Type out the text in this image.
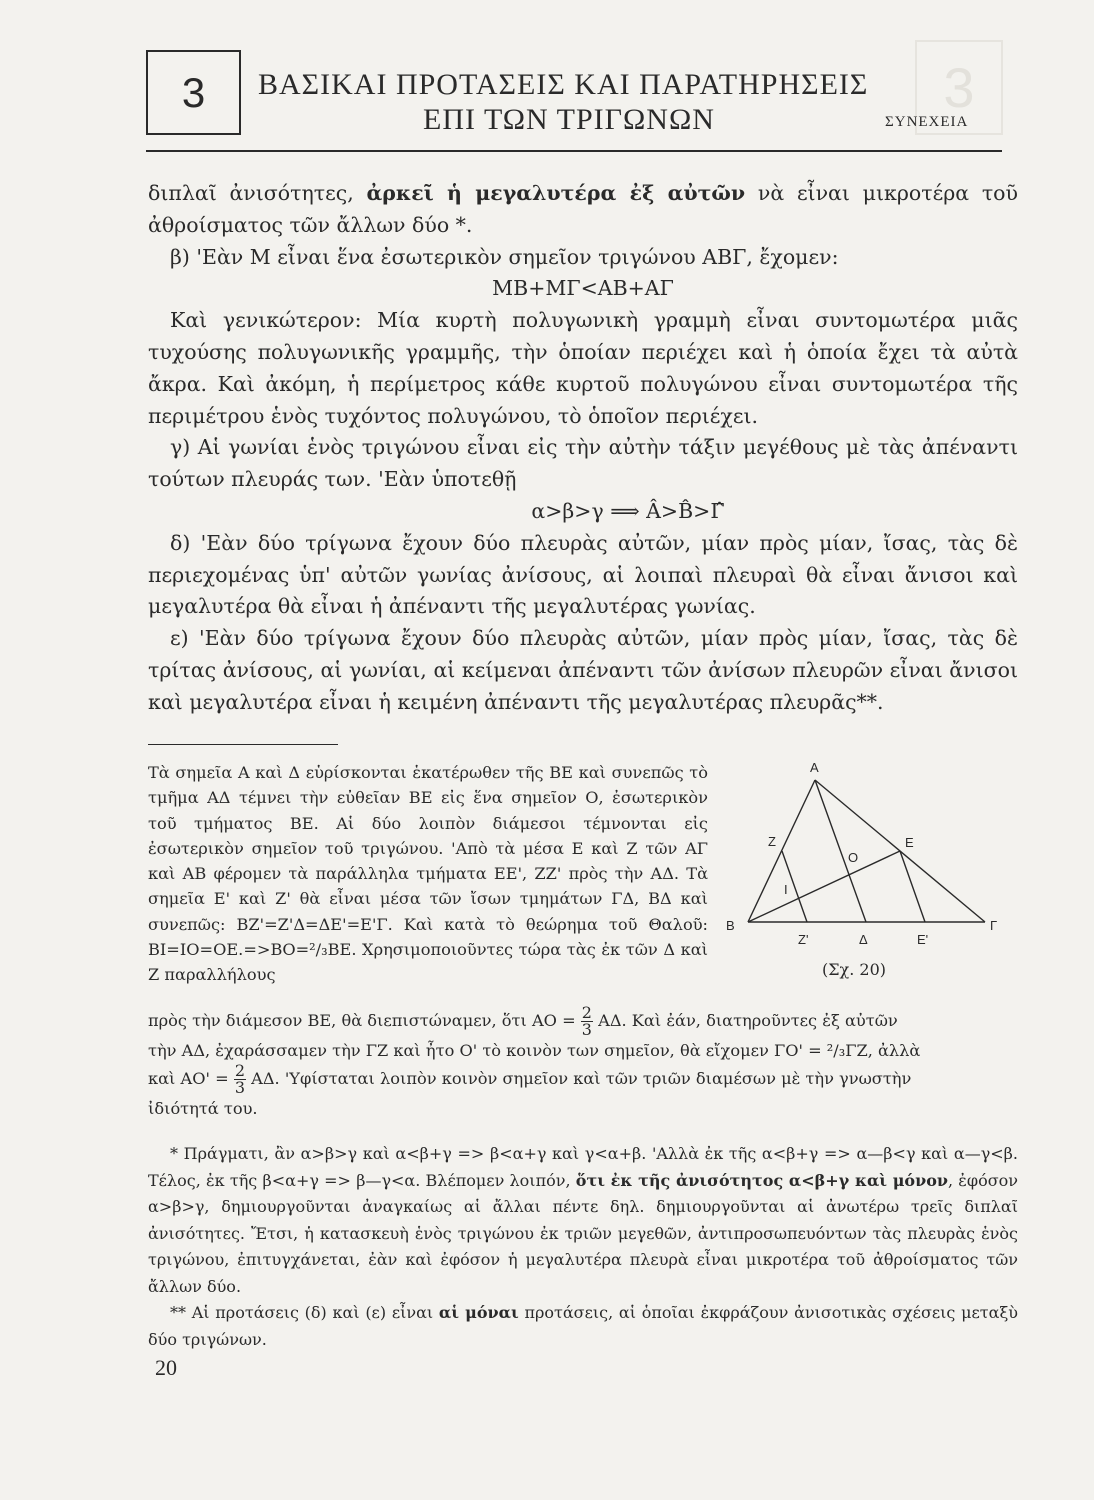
3	3
ΒΑΣΙΚΑΙ ΠΡΟΤΑΣΕΙΣ ΚΑΙ ΠΑΡΑΤΗΡΗΣΕΙΣ
ΕΠΙ ΤΩΝ ΤΡΙΓΩΝΩΝ	ΣΥΝΕΧΕΙΑ

διπλαῖ ἀνισότητες, ἀρκεῖ ἡ μεγαλυτέρα ἐξ αὐτῶν νὰ εἶναι μικροτέρα τοῦ ἀθροίσματος τῶν ἄλλων δύο *.

β) 'Εὰν Μ εἶναι ἕνα ἐσωτερικὸν σημεῖον τριγώνου ΑΒΓ, ἔχομεν:

ΜΒ+ΜΓ<ΑΒ+ΑΓ

Καὶ γενικώτερον: Μία κυρτὴ πολυγωνικὴ γραμμὴ εἶναι συντομωτέρα μιᾶς τυχούσης πολυγωνικῆς γραμμῆς, τὴν ὁποίαν περιέχει καὶ ἡ ὁποία ἔχει τὰ αὐτὰ ἄκρα. Καὶ ἀκόμη, ἡ περίμετρος κάθε κυρτοῦ πολυγώνου εἶναι συντομωτέρα τῆς περιμέτρου ἑνὸς τυχόντος πολυγώνου, τὸ ὁποῖον περιέχει.

γ) Αἱ γωνίαι ἑνὸς τριγώνου εἶναι εἰς τὴν αὐτὴν τάξιν μεγέθους μὲ τὰς ἀπέναντι τούτων πλευράς των. 'Εὰν ὑποτεθῇ

α>β>γ ⟹ Â>B̂>Γ̂

δ) 'Εὰν δύο τρίγωνα ἔχουν δύο πλευρὰς αὐτῶν, μίαν πρὸς μίαν, ἴσας, τὰς δὲ περιεχομένας ὑπ' αὐτῶν γωνίας ἀνίσους, αἱ λοιπαὶ πλευραὶ θὰ εἶναι ἄνισοι καὶ μεγαλυτέρα θὰ εἶναι ἡ ἀπέναντι τῆς μεγαλυτέρας γωνίας.

ε) 'Εὰν δύο τρίγωνα ἔχουν δύο πλευρὰς αὐτῶν, μίαν πρὸς μίαν, ἴσας, τὰς δὲ τρίτας ἀνίσους, αἱ γωνίαι, αἱ κείμεναι ἀπέναντι τῶν ἀνίσων πλευρῶν εἶναι ἄνισοι καὶ μεγαλυτέρα εἶναι ἡ κειμένη ἀπέναντι τῆς μεγαλυτέρας πλευρᾶς**.

Τὰ σημεῖα Α καὶ Δ εὑρίσκονται ἑκατέρωθεν τῆς ΒΕ καὶ συνεπῶς τὸ τμῆμα ΑΔ τέμνει τὴν εὐθεῖαν ΒΕ εἰς ἕνα σημεῖον Ο, ἐσωτερικὸν τοῦ τμήματος ΒΕ. Αἱ δύο λοιπὸν διάμεσοι τέμνονται εἰς ἐσωτερικὸν σημεῖον τοῦ τριγώνου. 'Απὸ τὰ μέσα Ε καὶ Ζ τῶν ΑΓ καὶ ΑΒ φέρομεν τὰ παράλληλα τμήματα ΕΕ', ΖΖ' πρὸς τὴν ΑΔ. Τὰ σημεῖα Ε' καὶ Ζ' θὰ εἶναι μέσα τῶν ἴσων τμημάτων ΓΔ, ΒΔ καὶ συνεπῶς: ΒΖ'=Ζ'Δ=ΔΕ'=Ε'Γ. Καὶ κατὰ τὸ θεώρημα τοῦ Θαλοῦ: ΒΙ=ΙΟ=ΟΕ.=>ΒΟ=²/₃ΒΕ. Χρησιμοποιοῦντες τώρα τὰς ἐκ τῶν Δ καὶ Ζ παραλλήλους

Α
Β	Γ
Δ
Ε
Ζ
Ο
Ι
Ζ'	Ε'
(Σχ. 20)

πρὸς τὴν διάμεσον ΒΕ, θὰ διεπιστώναμεν, ὅτι $AO = \frac{2}{3} A\Delta$. Καὶ ἐάν, διατηροῦντες ἐξ αὐτῶν

τὴν ΑΔ, ἐχαράσσαμεν τὴν ΓΖ καὶ ἦτο Ο' τὸ κοινὸν των σημεῖον, θὰ εἴχομεν ΓΟ' = ²/₃ΓΖ, ἀλλὰ

καὶ $AO' = \frac{2}{3} A\Delta$. 'Υφίσταται λοιπὸν κοινὸν σημεῖον καὶ τῶν τριῶν διαμέσων μὲ τὴν γνωστὴν

ἰδιότητά του.

* Πράγματι, ἂν α>β>γ καὶ α<β+γ => β<α+γ καὶ γ<α+β. 'Αλλὰ ἐκ τῆς α<β+γ => α—β<γ καὶ α—γ<β. Τέλος, ἐκ τῆς β<α+γ => β—γ<α. Βλέπομεν λοιπόν, ὅτι ἐκ τῆς ἀνισότητος α<β+γ καὶ μόνον, ἐφόσον α>β>γ, δημιουργοῦνται ἀναγκαίως αἱ ἄλλαι πέντε δηλ. δημιουργοῦνται αἱ ἀνωτέρω τρεῖς διπλαῖ ἀνισότητες. Ἔτσι, ἡ κατασκευὴ ἑνὸς τριγώνου ἐκ τριῶν μεγεθῶν, ἀντιπροσωπευόντων τὰς πλευρὰς ἑνὸς τριγώνου, ἐπιτυγχάνεται, ἐὰν καὶ ἐφόσον ἡ μεγαλυτέρα πλευρὰ εἶναι μικροτέρα τοῦ ἀθροίσματος τῶν ἄλλων δύο.

** Αἱ προτάσεις (δ) καὶ (ε) εἶναι αἱ μόναι προτάσεις, αἱ ὁποῖαι ἐκφράζουν ἀνισοτικὰς σχέσεις μεταξὺ δύο τριγώνων.

20
